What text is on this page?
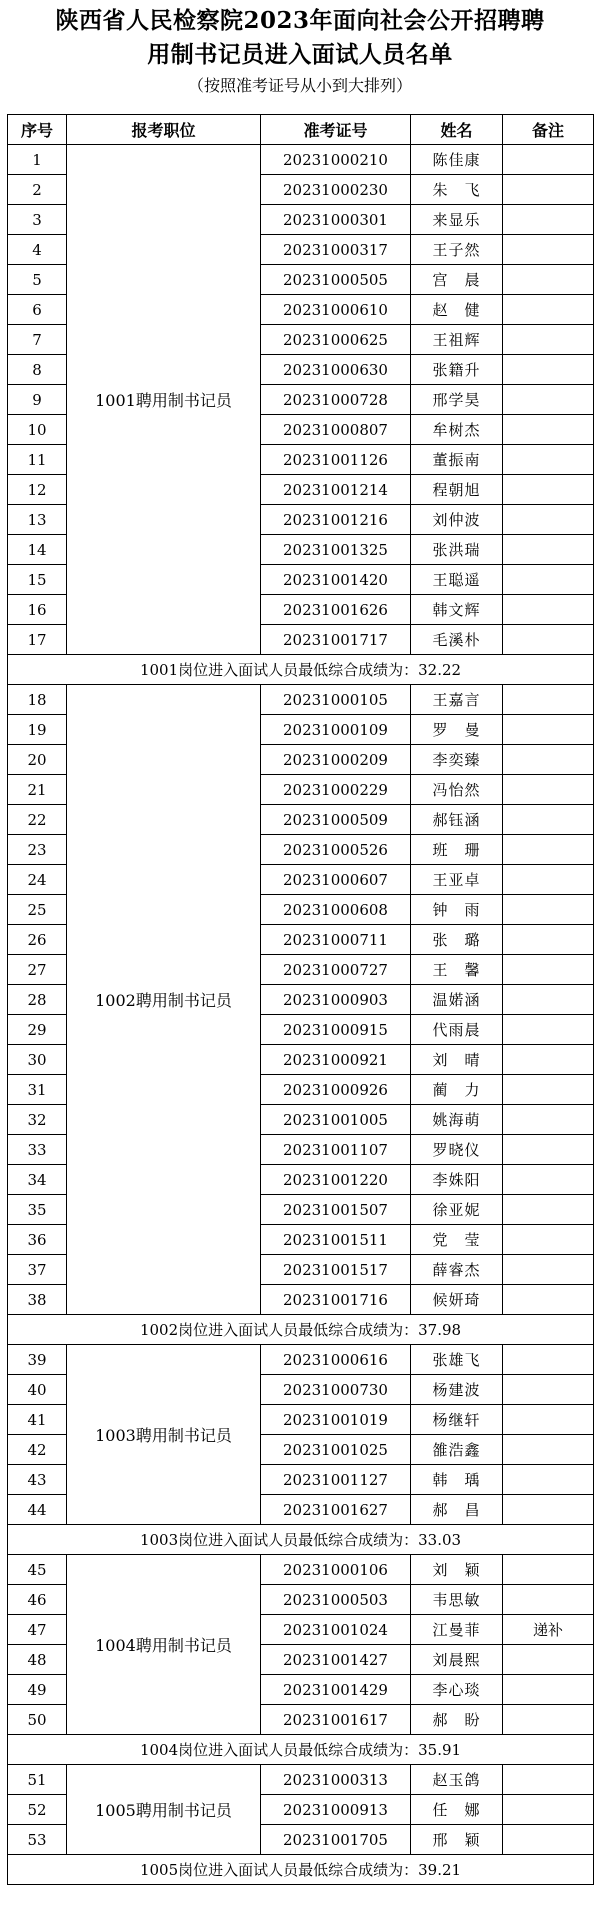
陕西省人民检察院2023年面向社会公开招聘聘
用制书记员进入面试人员名单
（按照准考证号从小到大排列）
序号	报考职位	准考证号	姓名	备注
1	1001聘用制书记员	20231000210	陈佳康	
2		20231000230	朱　飞	
3		20231000301	来显乐	
4		20231000317	王子然	
5		20231000505	宫　晨	
6		20231000610	赵　健	
7		20231000625	王祖辉	
8		20231000630	张籍升	
9		20231000728	邢学昊	
10		20231000807	牟树杰	
11		20231001126	董振南	
12		20231001214	程朝旭	
13		20231001216	刘仲波	
14		20231001325	张洪瑞	
15		20231001420	王聪遥	
16		20231001626	韩文辉	
17		20231001717	毛溪朴	
1001岗位进入面试人员最低综合成绩为：32.22				
18	1002聘用制书记员	20231000105	王嘉言	
19		20231000109	罗　曼	
20		20231000209	李奕臻	
21		20231000229	冯怡然	
22		20231000509	郝钰涵	
23		20231000526	班　珊	
24		20231000607	王亚卓	
25		20231000608	钟　雨	
26		20231000711	张　璐	
27		20231000727	王　馨	
28		20231000903	温婼涵	
29		20231000915	代雨晨	
30		20231000921	刘　晴	
31		20231000926	蔺　力	
32		20231001005	姚海萌	
33		20231001107	罗晓仪	
34		20231001220	李姝阳	
35		20231001507	徐亚妮	
36		20231001511	党　莹	
37		20231001517	薛睿杰	
38		20231001716	候妍琦	
1002岗位进入面试人员最低综合成绩为：37.98				
39	1003聘用制书记员	20231000616	张雄飞	
40		20231000730	杨建波	
41		20231001019	杨继轩	
42		20231001025	雒浩鑫	
43		20231001127	韩　瑀	
44		20231001627	郝　昌	
1003岗位进入面试人员最低综合成绩为：33.03				
45	1004聘用制书记员	20231000106	刘　颖	
46		20231000503	韦思敏	
47		20231001024	江曼菲	递补
48		20231001427	刘晨熙	
49		20231001429	李心琰	
50		20231001617	郝　盼	
1004岗位进入面试人员最低综合成绩为：35.91				
51	1005聘用制书记员	20231000313	赵玉鸽	
52		20231000913	任　娜	
53		20231001705	邢　颖	
1005岗位进入面试人员最低综合成绩为：39.21				
